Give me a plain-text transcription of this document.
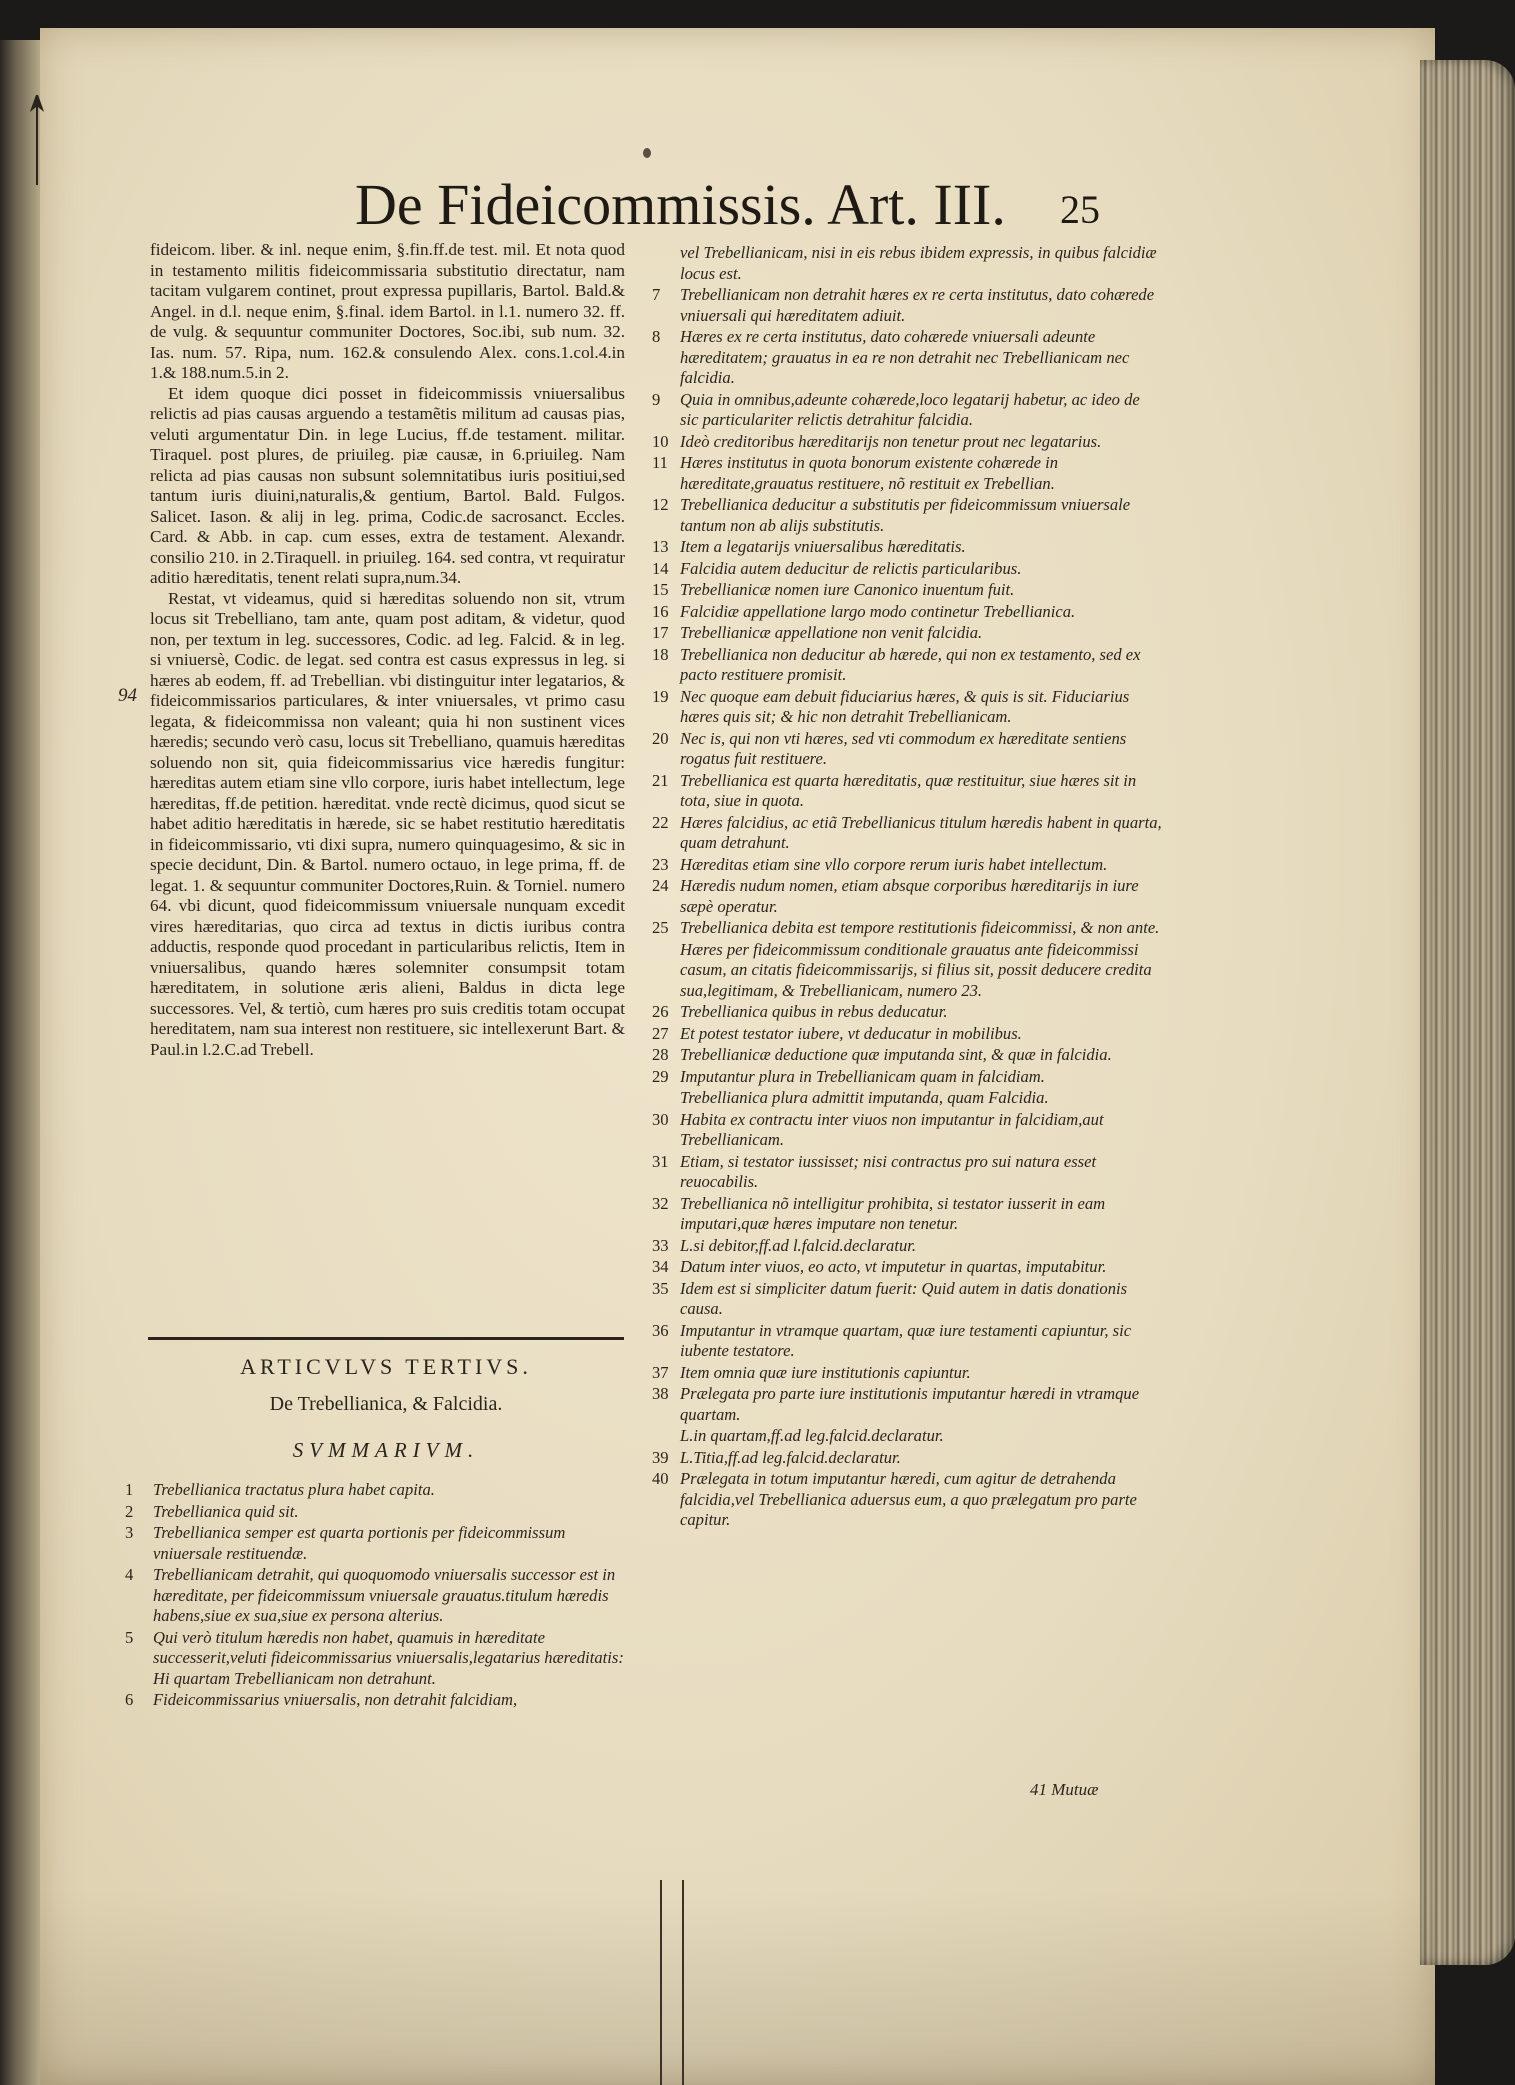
De Fideicommissis. Art. III.	25

fideicom. liber. & inl. neque enim, §.fin.ff.de test. mil. Et nota quod in testamento militis fideicommissaria substitutio directatur, nam tacitam vulgarem continet, prout expressa pupillaris, Bartol. Bald.& Angel. in d.l. neque enim, §.final. idem Bartol. in l.1. numero 32. ff. de vulg. & sequuntur communiter Doctores, Soc.ibi, sub num. 32. Ias. num. 57. Ripa, num. 162.& consulendo Alex. cons.1.col.4.in 1.& 188.num.5.in 2.

Et idem quoque dici posset in fideicommissis vniuersalibus relictis ad pias causas arguendo a testamẽtis militum ad causas pias, veluti argumentatur Din. in lege Lucius, ff.de testament. militar. Tiraquel. post plures, de priuileg. piæ causæ, in 6.priuileg. Nam relicta ad pias causas non subsunt solemnitatibus iuris positiui,sed tantum iuris diuini,naturalis,& gentium, Bartol. Bald. Fulgos. Salicet. Iason. & alij in leg. prima, Codic.de sacrosanct. Eccles. Card. & Abb. in cap. cum esses, extra de testament. Alexandr. consilio 210. in 2.Tiraquell. in priuileg. 164. sed contra, vt requiratur aditio hæreditatis, tenent relati supra,num.34.

Restat, vt videamus, quid si hæreditas soluendo non sit, vtrum locus sit Trebelliano, tam ante, quam post aditam, & videtur, quod non, per textum in leg. successores, Codic. ad leg. Falcid. & in leg. si vniuersè, Codic. de legat. sed contra est casus expressus in leg. si hæres ab eodem, ff. ad Trebellian. vbi distinguitur inter legatarios, & fideicommissarios particulares, & inter vniuersales, vt primo casu legata, & fideicommissa non valeant; quia hi non sustinent vices hæredis; secundo verò casu, locus sit Trebelliano, quamuis hæreditas soluendo non sit, quia fideicommissarius vice hæredis fungitur: hæreditas autem etiam sine vllo corpore, iuris habet intellectum, lege hæreditas, ff.de petition. hæreditat. vnde rectè dicimus, quod sicut se habet aditio hæreditatis in hærede, sic se habet restitutio hæreditatis in fideicommissario, vti dixi supra, numero quinquagesimo, & sic in specie decidunt, Din. & Bartol. numero octauo, in lege prima, ff. de legat. 1. & sequuntur communiter Doctores,Ruin. & Torniel. numero 64. vbi dicunt, quod fideicommissum vniuersale nunquam excedit vires hæreditarias, quo circa ad textus in dictis iuribus contra adductis, responde quod procedant in particularibus relictis, Item in vniuersalibus, quando hæres solemniter consumpsit totam hæreditatem, in solutione æris alieni, Baldus in dicta lege successores. Vel, & tertiò, cum hæres pro suis creditis totam occupat hereditatem, nam sua interest non restituere, sic intellexerunt Bart. & Paul.in l.2.C.ad Trebell.

94
ARTICVLVS TERTIVS.
De Trebellianica, & Falcidia.
SVMMARIVM.
1	Trebellianica tractatus plura habet capita.
2	Trebellianica quid sit.
3	Trebellianica semper est quarta portionis per fideicommissum vniuersale restituendæ.
4	Trebellianicam detrahit, qui quoquomodo vniuersalis successor est in hæreditate, per fideicommissum vniuersale grauatus.titulum hæredis habens,siue ex sua,siue ex persona alterius.
5	Qui verò titulum hæredis non habet, quamuis in hæreditate successerit,veluti fideicommissarius vniuersalis,legatarius hæreditatis: Hi quartam Trebellianicam non detrahunt.
6	Fideicommissarius vniuersalis, non detrahit falcidiam,
vel Trebellianicam, nisi in eis rebus ibidem expressis, in quibus falcidiæ locus est.
7	Trebellianicam non detrahit hæres ex re certa institutus, dato cohærede vniuersali qui hæreditatem adiuit.
8	Hæres ex re certa institutus, dato cohærede vniuersali adeunte hæreditatem; grauatus in ea re non detrahit nec Trebellianicam nec falcidia.
9	Quia in omnibus,adeunte cohærede,loco legatarij habetur, ac ideo de sic particulariter relictis detrahitur falcidia.
10 Ideò creditoribus hæreditarijs non tenetur prout nec legatarius.
11 Hæres institutus in quota bonorum existente cohærede in hæreditate,grauatus restituere, nõ restituit ex Trebellian.
12 Trebellianica deducitur a substitutis per fideicommissum vniuersale tantum non ab alijs substitutis.
13 Item a legatarijs vniuersalibus hæreditatis.
14 Falcidia autem deducitur de relictis particularibus.
15 Trebellianicæ nomen iure Canonico inuentum fuit.
16 Falcidiæ appellatione largo modo continetur Trebellianica.
17 Trebellianicæ appellatione non venit falcidia.
18 Trebellianica non deducitur ab hærede, qui non ex testamento, sed ex pacto restituere promisit.
19 Nec quoque eam debuit fiduciarius hæres, & quis is sit. Fiduciarius hæres quis sit; & hic non detrahit Trebellianicam.
20 Nec is, qui non vti hæres, sed vti commodum ex hæreditate sentiens rogatus fuit restituere.
21 Trebellianica est quarta hæreditatis, quæ restituitur, siue hæres sit in tota, siue in quota.
22 Hæres falcidius, ac etiã Trebellianicus titulum hæredis habent in quarta, quam detrahunt.
23 Hæreditas etiam sine vllo corpore rerum iuris habet intellectum.
24 Hæredis nudum nomen, etiam absque corporibus hæreditarijs in iure sæpè operatur.
25 Trebellianica debita est tempore restitutionis fideicommissi, & non ante.
Hæres per fideicommissum conditionale grauatus ante fideicommissi casum, an citatis fideicommissarijs, si filius sit, possit deducere credita sua,legitimam, & Trebellianicam, numero 23.
26 Trebellianica quibus in rebus deducatur.
27 Et potest testator iubere, vt deducatur in mobilibus.
28 Trebellianicæ deductione quæ imputanda sint, & quæ in falcidia.
29 Imputantur plura in Trebellianicam quam in falcidiam.
Trebellianica plura admittit imputanda, quam Falcidia.
30 Habita ex contractu inter viuos non imputantur in falcidiam,aut Trebellianicam.
31 Etiam, si testator iussisset; nisi contractus pro sui natura esset reuocabilis.
32 Trebellianica nõ intelligitur prohibita, si testator iusserit in eam imputari,quæ hæres imputare non tenetur.
33 L.si debitor,ff.ad l.falcid.declaratur.
34 Datum inter viuos, eo acto, vt imputetur in quartas, imputabitur.
35 Idem est si simpliciter datum fuerit: Quid autem in datis donationis causa.
36 Imputantur in vtramque quartam, quæ iure testamenti capiuntur, sic iubente testatore.
37 Item omnia quæ iure institutionis capiuntur.
38 Prælegata pro parte iure institutionis imputantur hæredi in vtramque quartam.
L.in quartam,ff.ad leg.falcid.declaratur.
39 L.Titia,ff.ad leg.falcid.declaratur.
40 Prælegata in totum imputantur hæredi, cum agitur de detrahenda falcidia,vel Trebellianica aduersus eum, a quo prælegatum pro parte capitur.
41 Mutuæ
